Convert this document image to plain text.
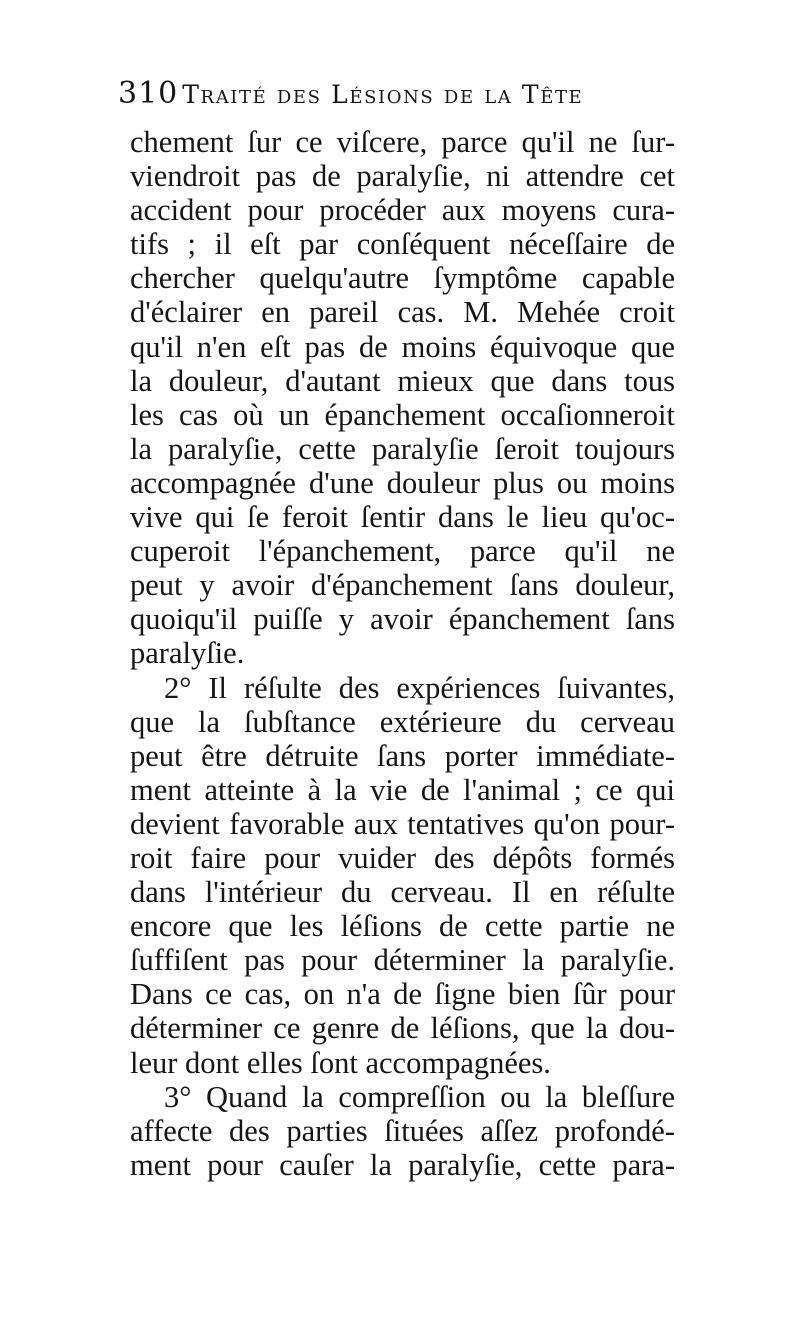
310 Traité des Lésions de la Tête
chement ſur ce viſcere, parce qu'il ne ſur-
viendroit pas de paralyſie, ni attendre cet
accident pour procéder aux moyens cura-
tifs ; il eſt par conſéquent néceſſaire de
chercher quelqu'autre ſymptôme capable
d'éclairer en pareil cas. M. Mehée croit
qu'il n'en eſt pas de moins équivoque que
la douleur, d'autant mieux que dans tous
les cas où un épanchement occaſionneroit
la paralyſie, cette paralyſie ſeroit toujours
accompagnée d'une douleur plus ou moins
vive qui ſe feroit ſentir dans le lieu qu'oc-
cuperoit l'épanchement, parce qu'il ne
peut y avoir d'épanchement ſans douleur,
quoiqu'il puiſſe y avoir épanchement ſans
paralyſie.
2° Il réſulte des expériences ſuivantes,
que la ſubſtance extérieure du cerveau
peut être détruite ſans porter immédiate-
ment atteinte à la vie de l'animal ; ce qui
devient favorable aux tentatives qu'on pour-
roit faire pour vuider des dépôts formés
dans l'intérieur du cerveau. Il en réſulte
encore que les léſions de cette partie ne
ſuffiſent pas pour déterminer la paralyſie.
Dans ce cas, on n'a de ſigne bien ſûr pour
déterminer ce genre de léſions, que la dou-
leur dont elles ſont accompagnées.
3° Quand la compreſſion ou la bleſſure
affecte des parties ſituées aſſez profondé-
ment pour cauſer la paralyſie, cette para-
